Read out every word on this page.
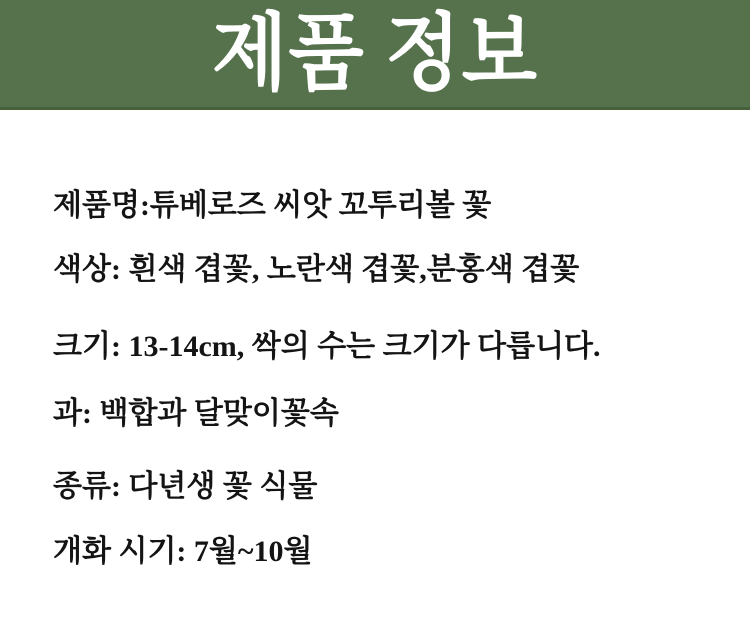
제품 정보

제품명:튜베로즈 씨앗 꼬투리볼 꽃

색상: 흰색 겹꽃, 노란색 겹꽃,분홍색 겹꽃

크기: 13-14cm, 싹의 수는 크기가 다릅니다.

과: 백합과 달맞이꽃속

종류: 다년생 꽃 식물

개화 시기: 7월~10월
